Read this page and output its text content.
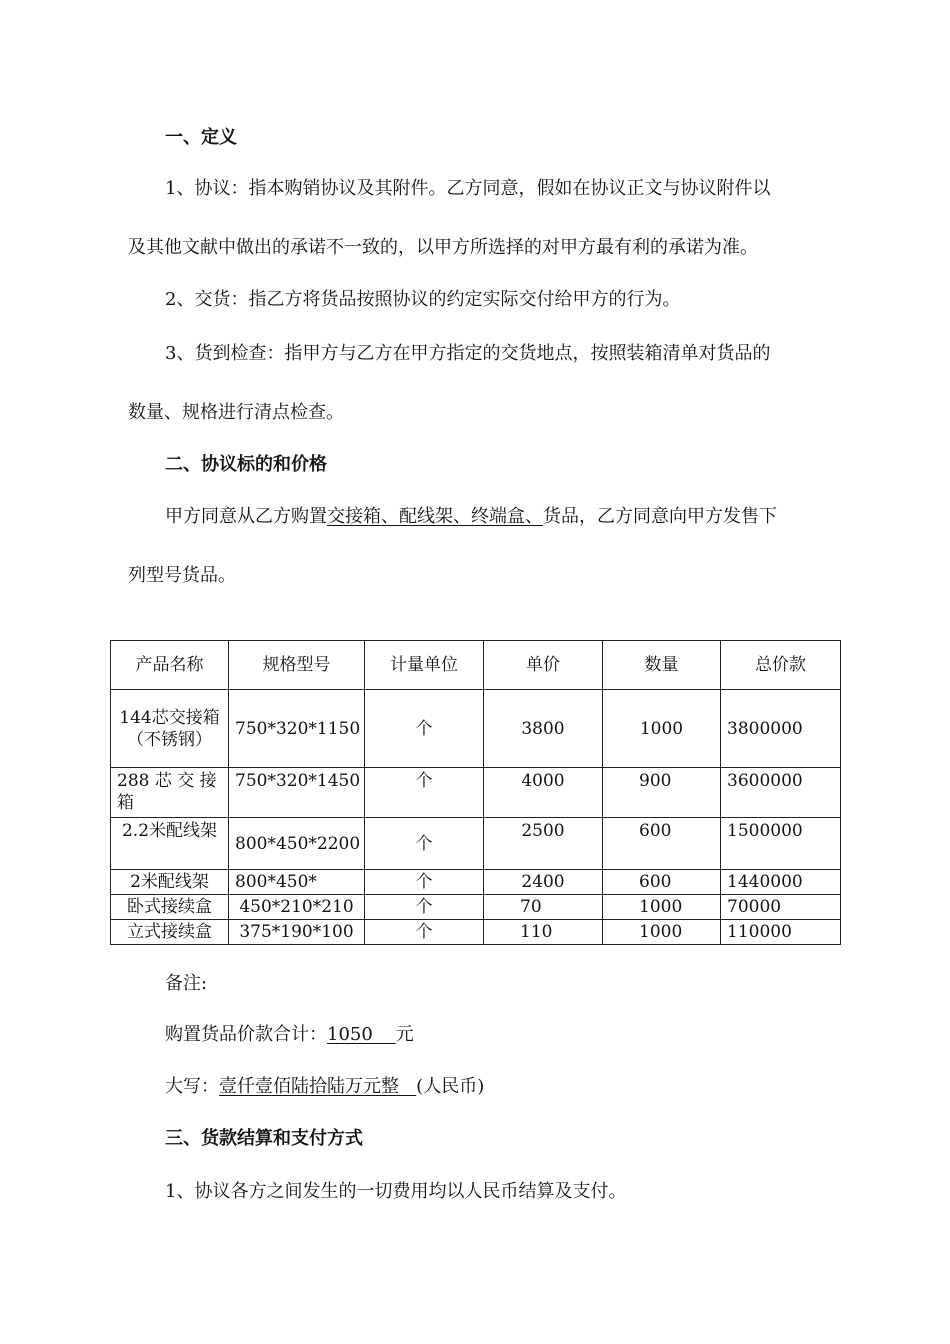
一、定义
1、协议：指本购销协议及其附件。乙方同意，假如在协议正文与协议附件以
及其他文献中做出的承诺不一致的，以甲方所选择的对甲方最有利的承诺为准。
2、交货：指乙方将货品按照协议的约定实际交付给甲方的行为。
3、货到检查：指甲方与乙方在甲方指定的交货地点，按照装箱清单对货品的
数量、规格进行清点检查。
二、协议标的和价格
甲方同意从乙方购置交接箱、配线架、终端盒、货品，乙方同意向甲方发售下
列型号货品。
产品名称	规格型号	计量单位	单价	数量	总价款
144芯交接箱（不锈钢）	750*320*1150	个	3800	1000	3800000
288 芯 交 接 箱	750*320*1450	个	4000	900	3600000
2.2米配线架	800*450*2200	个	2500	600	1500000
2米配线架	800*450*	个	2400	600	1440000
卧式接续盒	450*210*210	个	70	1000	70000
立式接续盒	375*190*100	个	110	1000	110000
备注:
购置货品价款合计：1050    元
大写：壹仟壹佰陆拾陆万元整   (人民币)
三、货款结算和支付方式
1、协议各方之间发生的一切费用均以人民币结算及支付。
